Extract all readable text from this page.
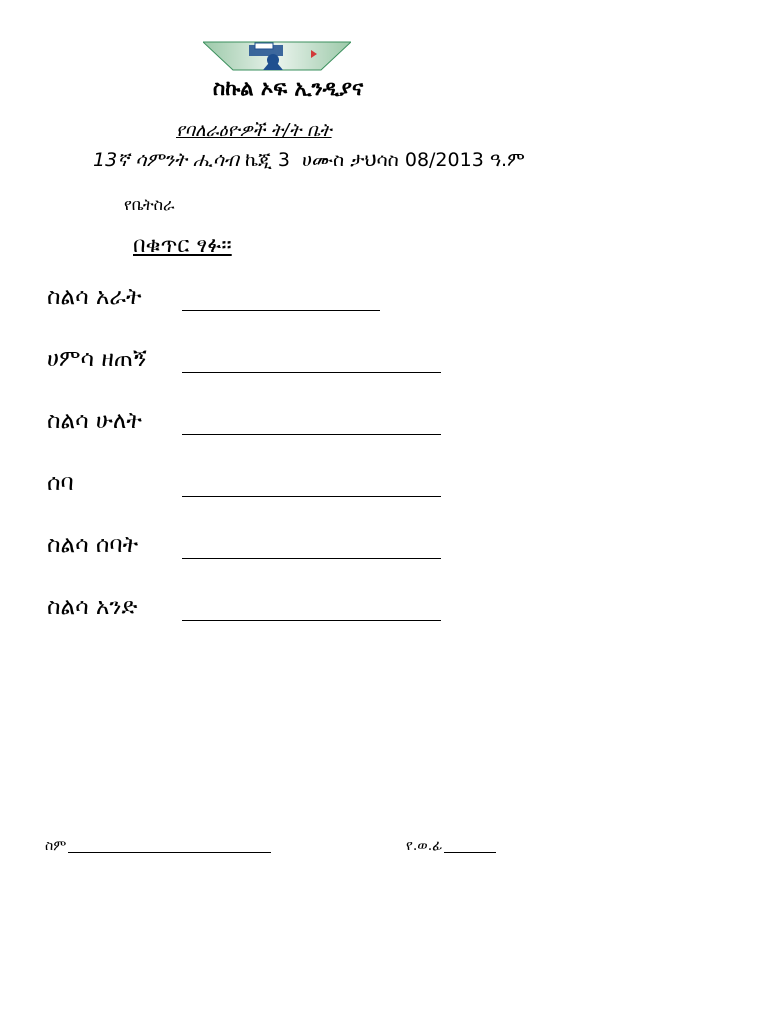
ስኩል ኦፍ ኢንዲያና
የባለራዕዮዎች ት/ት ቤት
13ኛ ሳምንት ሒሳብ ኬጂ 3 ሀሙስ ታህሳስ 08/2013 ዓ.ም
የቤትስራ
በቁጥር ፃፉ፡፡
ስልሳ አራት
ሀምሳ ዘጠኝ
ስልሳ ሁለት
ሰባ
ስልሳ ሰባት
ስልሳ አንድ
ስም	የ.ወ.ፊ
